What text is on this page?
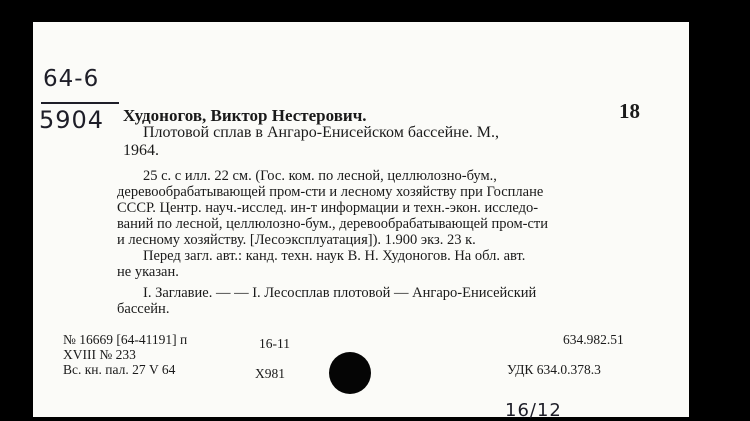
64-6
5904 Худоногов, Виктор Нестерович.	18
Плотовой сплав в Ангаро-Енисейском бассейне. М.,
1964.
25 с. с илл. 22 см. (Гос. ком. по лесной, целлюлозно-бум.,
деревообрабатывающей пром-сти и лесному хозяйству при Госплане
СССР. Центр. науч.-исслед. ин-т информации и техн.-экон. исследо-
ваний по лесной, целлюлозно-бум., деревообрабатывающей пром-сти
и лесному хозяйству. [Лесоэксплуатация]). 1.900 экз. 23 к.
Перед загл. авт.: канд. техн. наук В. Н. Худоногов. На обл. авт.
не указан.
I. Заглавие. — — I. Лесосплав плотовой — Ангаро-Енисейский
бассейн.
№ 16669 [64-41191] п
XVIII № 233
Вс. кн. пал. 27 V 64
16-11
Х981
634.982.51
УДК 634.0.378.3
16/12
